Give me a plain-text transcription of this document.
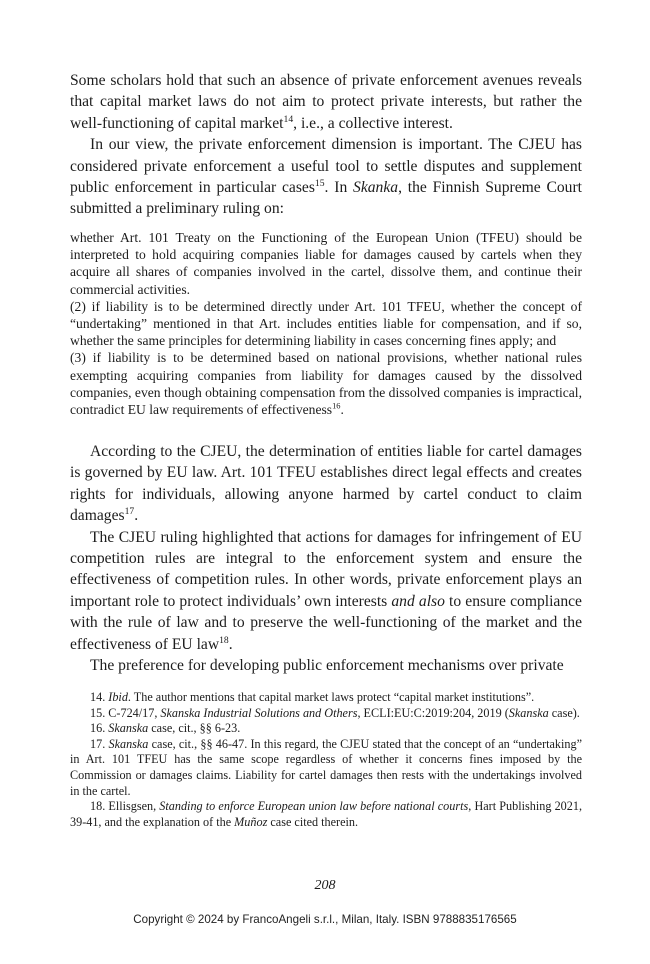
Some scholars hold that such an absence of private enforcement avenues reveals that capital market laws do not aim to protect private interests, but rather the well-functioning of capital market$^{14}$, i.e., a collective interest.

In our view, the private enforcement dimension is important. The CJEU has considered private enforcement a useful tool to settle disputes and supplement public enforcement in particular cases$^{15}$. In Skanka, the Finnish Supreme Court submitted a preliminary ruling on:

whether Art. 101 Treaty on the Functioning of the European Union (TFEU) should be interpreted to hold acquiring companies liable for damages caused by cartels when they acquire all shares of companies involved in the cartel, dissolve them, and continue their commercial activities.

(2) if liability is to be determined directly under Art. 101 TFEU, whether the concept of “undertaking” mentioned in that Art. includes entities liable for compensation, and if so, whether the same principles for determining liability in cases concerning fines apply; and

(3) if liability is to be determined based on national provisions, whether national rules exempting acquiring companies from liability for damages caused by the dissolved companies, even though obtaining compensation from the dissolved companies is impractical, contradict EU law requirements of effectiveness$^{16}$.

According to the CJEU, the determination of entities liable for cartel damages is governed by EU law. Art. 101 TFEU establishes direct legal effects and creates rights for individuals, allowing anyone harmed by cartel conduct to claim damages$^{17}$.

The CJEU ruling highlighted that actions for damages for infringement of EU competition rules are integral to the enforcement system and ensure the effectiveness of competition rules. In other words, private enforcement plays an important role to protect individuals’ own interests and also to ensure compliance with the rule of law and to preserve the well-functioning of the market and the effectiveness of EU law$^{18}$.

The preference for developing public enforcement mechanisms over private

14. Ibid. The author mentions that capital market laws protect “capital market institutions”.

15. C-724/17, Skanska Industrial Solutions and Others, ECLI:EU:C:2019:204, 2019 (Skanska case).

16. Skanska case, cit., §§ 6-23.

17. Skanska case, cit., §§ 46-47. In this regard, the CJEU stated that the concept of an “undertaking” in Art. 101 TFEU has the same scope regardless of whether it concerns fines imposed by the Commission or damages claims. Liability for cartel damages then rests with the undertakings involved in the cartel.

18. Ellisgsen, Standing to enforce European union law before national courts, Hart Publishing 2021, 39-41, and the explanation of the Muñoz case cited therein.

208
Copyright © 2024 by FrancoAngeli s.r.l., Milan, Italy. ISBN 9788835176565
